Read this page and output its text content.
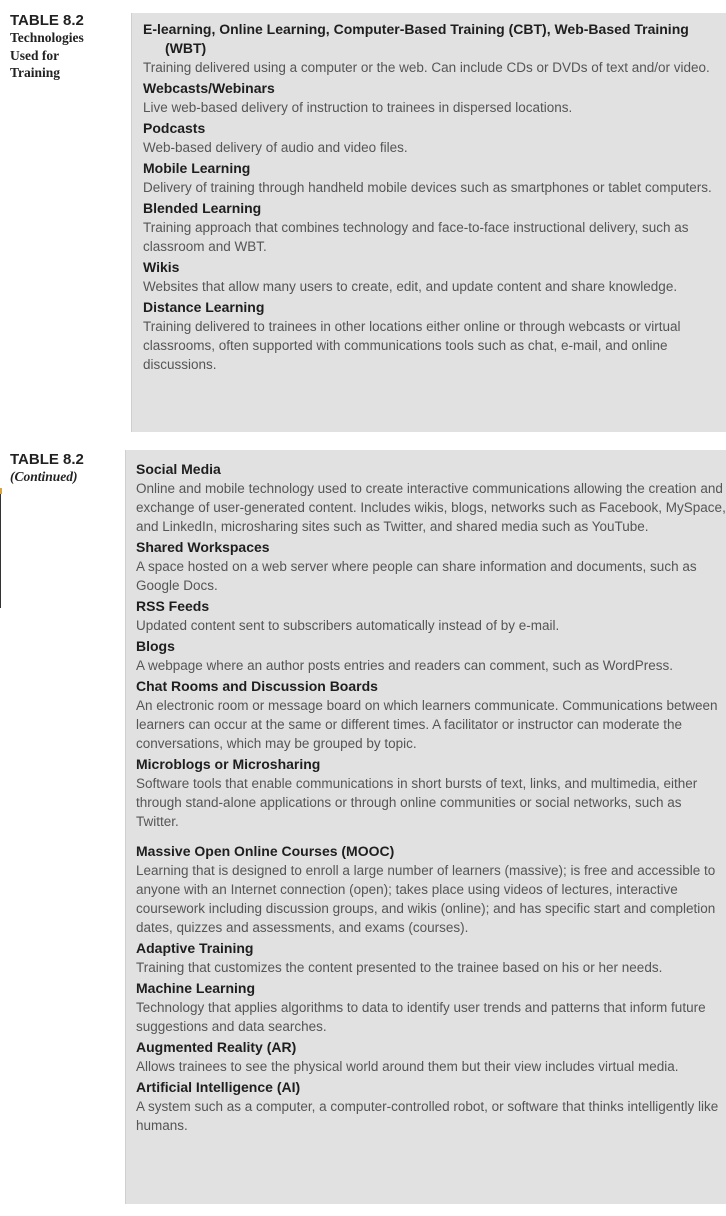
TABLE 8.2
Technologies
Used for
Training
TABLE 8.2
(Continued)
E-learning, Online Learning, Computer-Based Training (CBT), Web-Based Training (WBT)
Training delivered using a computer or the web. Can include CDs or DVDs of text and/or video.
Webcasts/Webinars
Live web-based delivery of instruction to trainees in dispersed locations.
Podcasts
Web-based delivery of audio and video files.
Mobile Learning
Delivery of training through handheld mobile devices such as smartphones or tablet computers.
Blended Learning
Training approach that combines technology and face-to-face instructional delivery, such as classroom and WBT.
Wikis
Websites that allow many users to create, edit, and update content and share knowledge.
Distance Learning
Training delivered to trainees in other locations either online or through webcasts or virtual classrooms, often supported with communications tools such as chat, e-mail, and online discussions.
Social Media
Online and mobile technology used to create interactive communications allowing the creation and exchange of user-generated content. Includes wikis, blogs, networks such as Facebook, MySpace, and LinkedIn, microsharing sites such as Twitter, and shared media such as YouTube.
Shared Workspaces
A space hosted on a web server where people can share information and documents, such as Google Docs.
RSS Feeds
Updated content sent to subscribers automatically instead of by e-mail.
Blogs
A webpage where an author posts entries and readers can comment, such as WordPress.
Chat Rooms and Discussion Boards
An electronic room or message board on which learners communicate. Communications between learners can occur at the same or different times. A facilitator or instructor can moderate the conversations, which may be grouped by topic.
Microblogs or Microsharing
Software tools that enable communications in short bursts of text, links, and multimedia, either through stand-alone applications or through online communities or social networks, such as Twitter.
Massive Open Online Courses (MOOC)
Learning that is designed to enroll a large number of learners (massive); is free and accessible to anyone with an Internet connection (open); takes place using videos of lectures, interactive coursework including discussion groups, and wikis (online); and has specific start and completion dates, quizzes and assessments, and exams (courses).
Adaptive Training
Training that customizes the content presented to the trainee based on his or her needs.
Machine Learning
Technology that applies algorithms to data to identify user trends and patterns that inform future suggestions and data searches.
Augmented Reality (AR)
Allows trainees to see the physical world around them but their view includes virtual media.
Artificial Intelligence (AI)
A system such as a computer, a computer-controlled robot, or software that thinks intelligently like humans.
